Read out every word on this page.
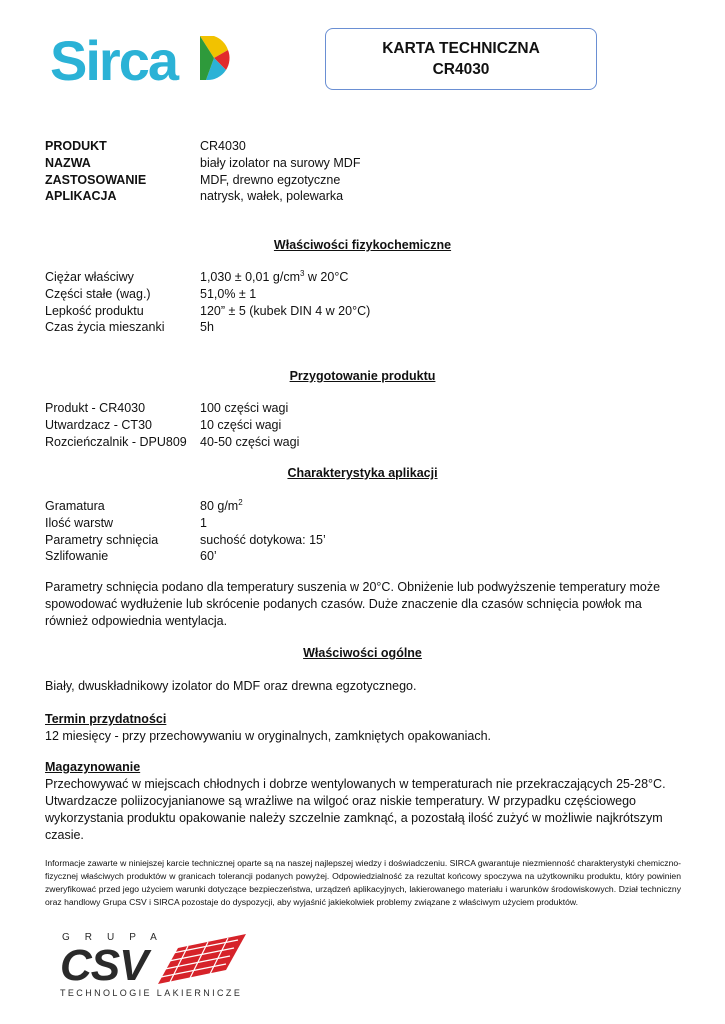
Sirca	KARTA TECHNICZNA
CR4030
PRODUKT	CR4030
NAZWA	biały izolator na surowy MDF
ZASTOSOWANIE	MDF, drewno egzotyczne
APLIKACJA	natrysk, wałek, polewarka
Właściwości fizykochemiczne
Ciężar właściwy	1,030 ± 0,01 $g/cm^3$ w 20°C
Części stałe (wag.)	51,0% ± 1
Lepkość produktu	120” ± 5 (kubek DIN 4 w 20°C)
Czas życia mieszanki	5h
Przygotowanie produktu
Produkt - CR4030	100 części wagi
Utwardzacz - CT30	10 części wagi
Rozcieńczalnik - DPU809 40-50 części wagi
Charakterystyka aplikacji
Gramatura	80 $g/m^2$
Ilość warstw	1
Parametry schnięcia	suchość dotykowa: 15’
Szlifowanie	60’
Parametry schnięcia podano dla temperatury suszenia w 20°C. Obniżenie lub podwyższenie temperatury może spowodować wydłużenie lub skrócenie podanych czasów. Duże znaczenie dla czasów schnięcia powłok ma również odpowiednia wentylacja.
Właściwości ogólne
Biały, dwuskładnikowy izolator do MDF oraz drewna egzotycznego.
Termin przydatności
12 miesięcy - przy przechowywaniu w oryginalnych, zamkniętych opakowaniach.
Magazynowanie
Przechowywać w miejscach chłodnych i dobrze wentylowanych w temperaturach nie przekraczających 25-28°C. Utwardzacze poliizocyjanianowe są wrażliwe na wilgoć oraz niskie temperatury. W przypadku częściowego wykorzystania produktu opakowanie należy szczelnie zamknąć, a pozostałą ilość zużyć w możliwie najkrótszym czasie.
Informacje zawarte w niniejszej karcie technicznej oparte są na naszej najlepszej wiedzy i doświadczeniu. SIRCA gwarantuje niezmienność charakterystyki chemiczno-fizycznej właściwych produktów w granicach tolerancji podanych powyżej. Odpowiedzialność za rezultat końcowy spoczywa na użytkowniku produktu, który powinien zweryfikować przed jego użyciem warunki dotyczące bezpieczeństwa, urządzeń aplikacyjnych, lakierowanego materiału i warunków środowiskowych. Dział techniczny oraz handlowy Grupa CSV i SIRCA pozostaje do dyspozycji, aby wyjaśnić jakiekolwiek problemy związane z właściwym użyciem produktów.
GRUPA
CSV
TECHNOLOGIE LAKIERNICZE
